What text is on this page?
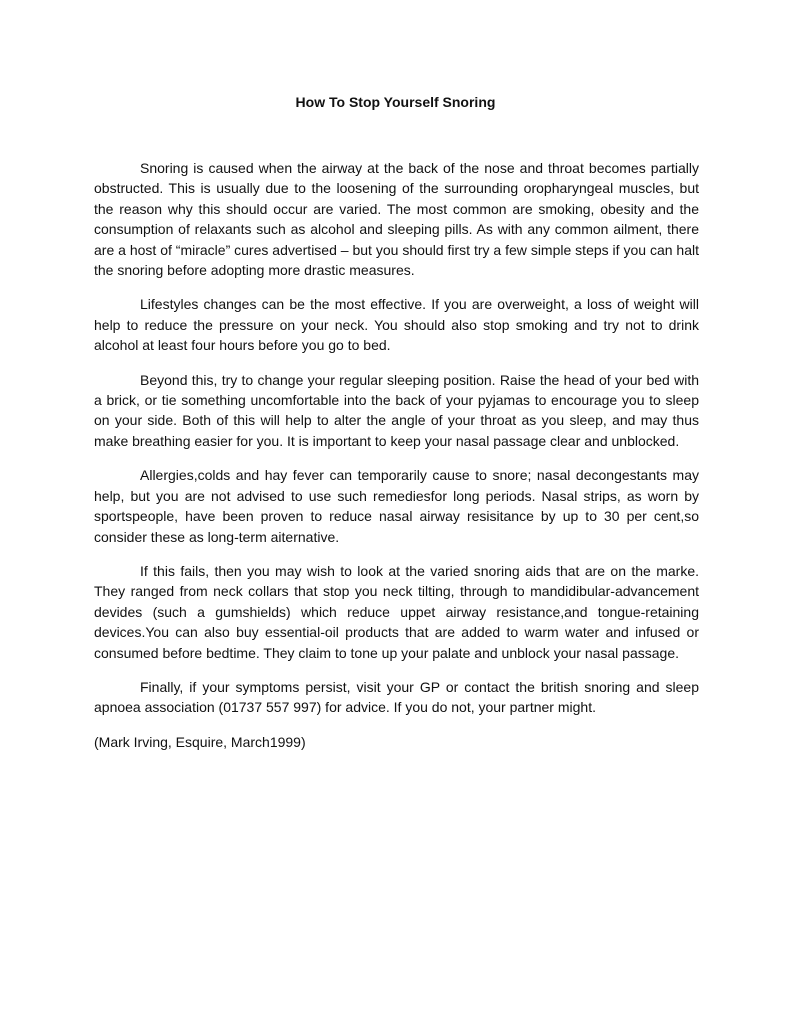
How To Stop Yourself Snoring

Snoring is caused when the airway at the back of the nose and throat becomes partially obstructed. This is usually due to the loosening of the surrounding oropharyngeal muscles, but the reason why this should occur are varied. The most common are smoking, obesity and the consumption of relaxants such as alcohol and sleeping pills. As with any common ailment, there are a host of “miracle” cures advertised – but you should first try a few simple steps if you can halt the snoring before adopting more drastic measures.

Lifestyles changes can be the most effective. If you are overweight, a loss of weight will help to reduce the pressure on your neck. You should also stop smoking and try not to drink alcohol at least four hours before you go to bed.

Beyond this, try to change your regular sleeping position. Raise the head of your bed with a brick, or tie something uncomfortable into the back of your pyjamas to encourage you to sleep on your side. Both of this will help to alter the angle of your throat as you sleep, and may thus make breathing easier for you. It is important to keep your nasal passage clear and unblocked.

Allergies,colds and hay fever can temporarily cause to snore; nasal decongestants may help, but you are not advised to use such remediesfor long periods. Nasal strips, as worn by sportspeople, have been proven to reduce nasal airway resisitance by up to 30 per cent,so consider these as long-term aiternative.

If this fails, then you may wish to look at the varied snoring aids that are on the marke. They ranged from neck collars that stop you neck tilting, through to mandidibular-advancement devides (such a gumshields) which reduce uppet airway resistance,and tongue-retaining devices.You can also buy essential-oil products that are added to warm water and infused or consumed before bedtime. They claim to tone up your palate and unblock your nasal passage.

Finally, if your symptoms persist, visit your GP or contact the british snoring and sleep apnoea association (01737 557 997) for advice. If you do not, your partner might.

(Mark Irving, Esquire, March1999)
